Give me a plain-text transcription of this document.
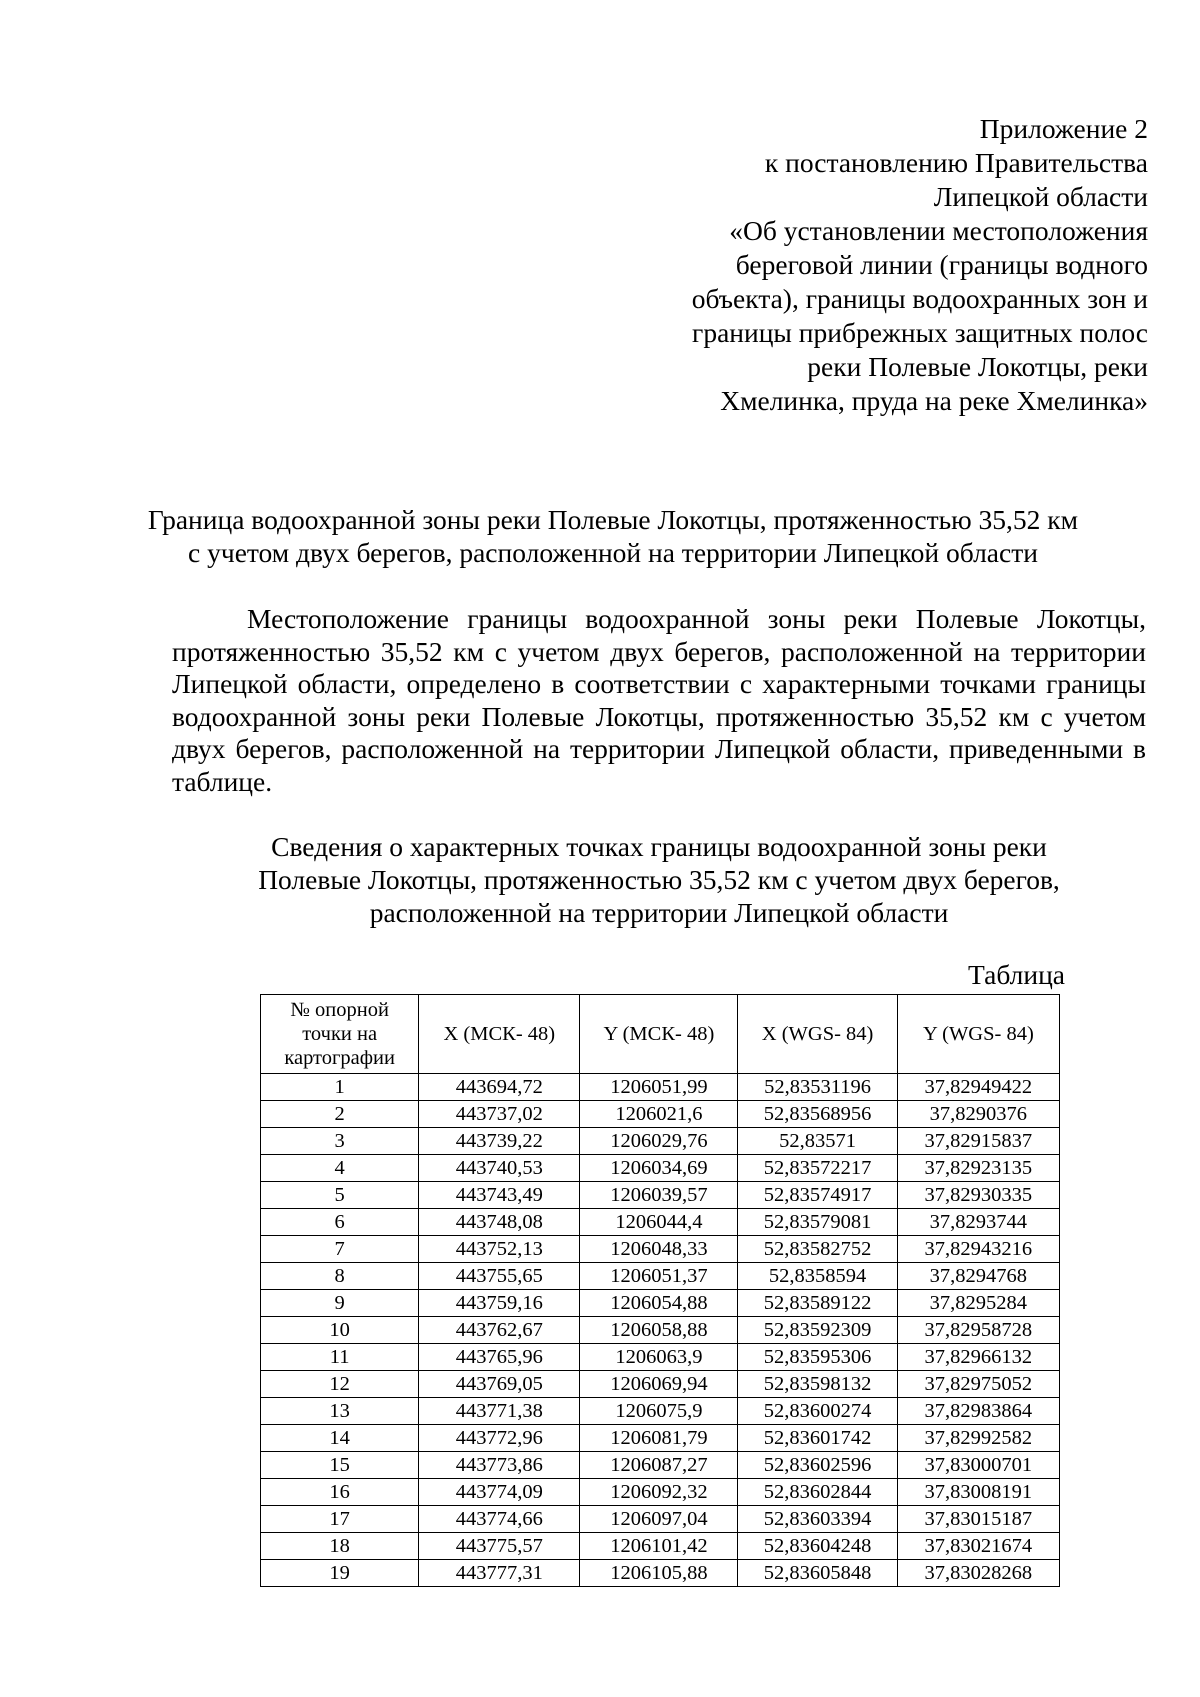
Приложение 2
к постановлению Правительства
Липецкой области
«Об установлении местоположения
береговой линии (границы водного
объекта), границы водоохранных зон и
границы прибрежных защитных полос
реки Полевые Локотцы, реки
Хмелинка, пруда на реке Хмелинка»
Граница водоохранной зоны реки Полевые Локотцы, протяженностью 35,52 км
с учетом двух берегов, расположенной на территории Липецкой области
Местоположение границы водоохранной зоны реки Полевые Локотцы, протяженностью 35,52 км с учетом двух берегов, расположенной на территории Липецкой области, определено в соответствии с характерными точками границы водоохранной зоны реки Полевые Локотцы, протяженностью 35,52 км с учетом двух берегов, расположенной на территории Липецкой области, приведенными в таблице.
Сведения о характерных точках границы водоохранной зоны реки
Полевые Локотцы, протяженностью 35,52 км с учетом двух берегов,
расположенной на территории Липецкой области
Таблица
№ опорной
точки на
картографии	X (МСК- 48)	Y (МСК- 48)	X (WGS- 84)	Y (WGS- 84)
1	443694,72	1206051,99	52,83531196	37,82949422
2	443737,02	1206021,6	52,83568956	37,8290376
3	443739,22	1206029,76	52,83571	37,82915837
4	443740,53	1206034,69	52,83572217	37,82923135
5	443743,49	1206039,57	52,83574917	37,82930335
6	443748,08	1206044,4	52,83579081	37,8293744
7	443752,13	1206048,33	52,83582752	37,82943216
8	443755,65	1206051,37	52,8358594	37,8294768
9	443759,16	1206054,88	52,83589122	37,8295284
10	443762,67	1206058,88	52,83592309	37,82958728
11	443765,96	1206063,9	52,83595306	37,82966132
12	443769,05	1206069,94	52,83598132	37,82975052
13	443771,38	1206075,9	52,83600274	37,82983864
14	443772,96	1206081,79	52,83601742	37,82992582
15	443773,86	1206087,27	52,83602596	37,83000701
16	443774,09	1206092,32	52,83602844	37,83008191
17	443774,66	1206097,04	52,83603394	37,83015187
18	443775,57	1206101,42	52,83604248	37,83021674
19	443777,31	1206105,88	52,83605848	37,83028268
